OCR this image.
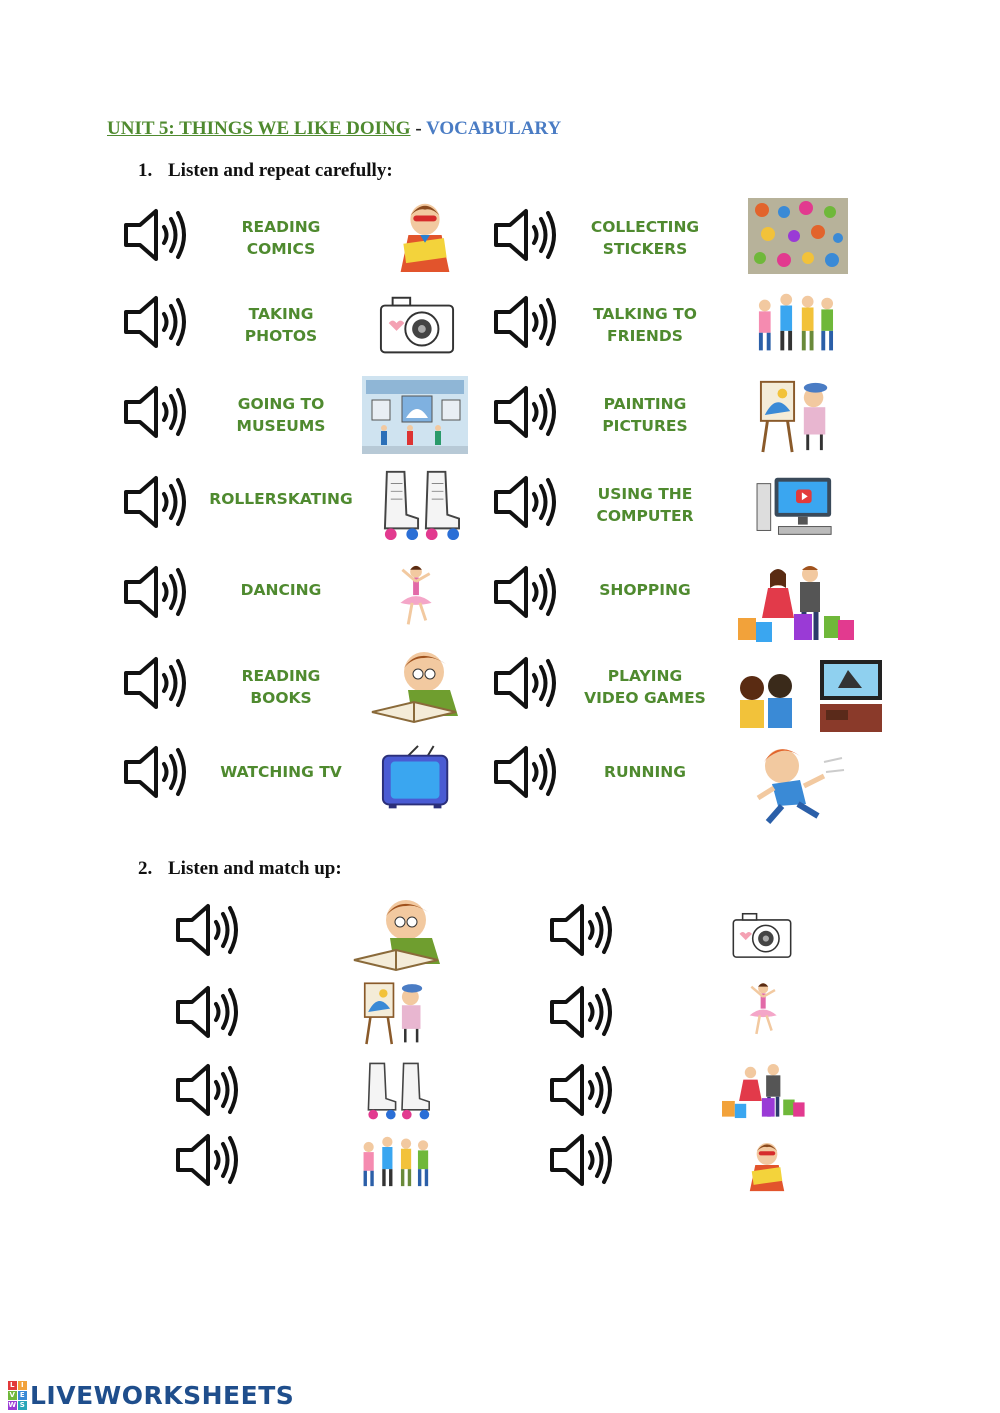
UNIT 5: THINGS WE LIKE DOING - VOCABULARY
1. Listen and repeat carefully:
READING
COMICS
TAKING
PHOTOS
GOING TO
MUSEUMS
ROLLERSKATING
DANCING
READING
BOOKS
WATCHING TV
COLLECTING
STICKERS
TALKING TO
FRIENDS
PAINTING
PICTURES
USING THE
COMPUTER
SHOPPING
PLAYING
VIDEO GAMES
RUNNING
2. Listen and match up:
L I
V E
W S LIVEWORKSHEETS
